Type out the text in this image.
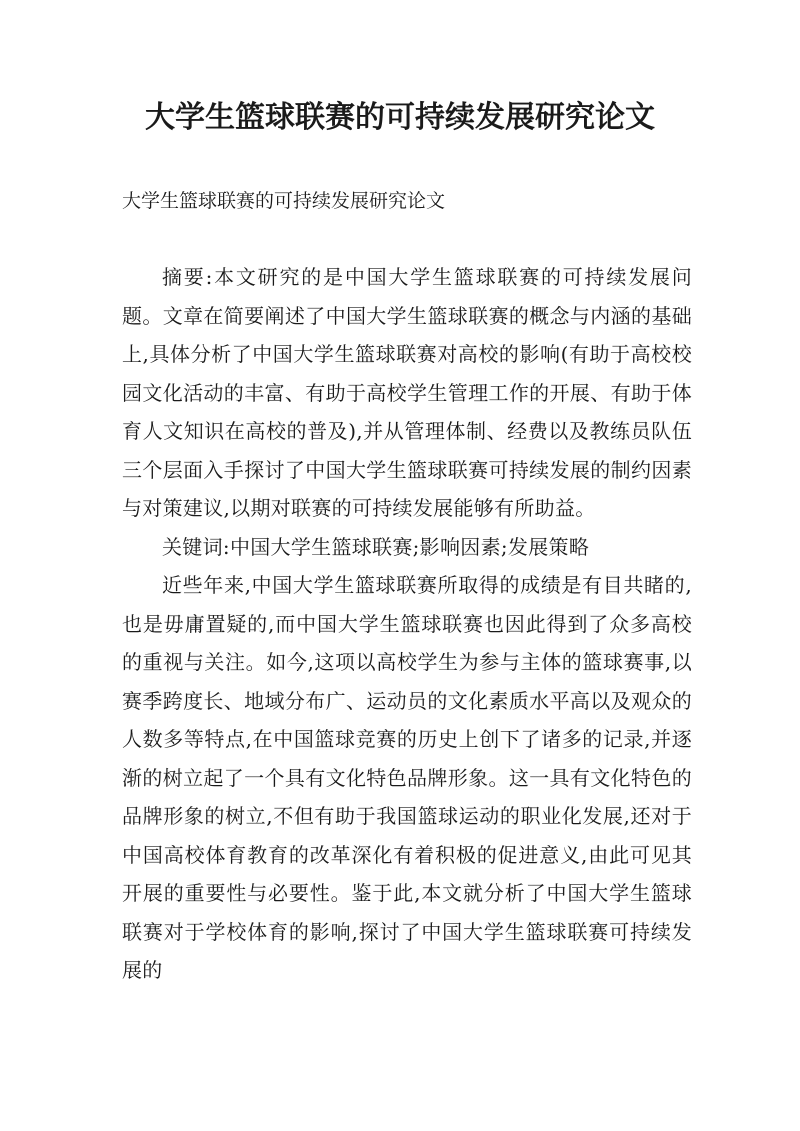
大学生篮球联赛的可持续发展研究论文

大学生篮球联赛的可持续发展研究论文

摘要:本文研究的是中国大学生篮球联赛的可持续发展问题。文章在简要阐述了中国大学生篮球联赛的概念与内涵的基础上,具体分析了中国大学生篮球联赛对高校的影响(有助于高校校园文化活动的丰富、有助于高校学生管理工作的开展、有助于体育人文知识在高校的普及),并从管理体制、经费以及教练员队伍三个层面入手探讨了中国大学生篮球联赛可持续发展的制约因素与对策建议,以期对联赛的可持续发展能够有所助益。

关键词:中国大学生篮球联赛;影响因素;发展策略

近些年来,中国大学生篮球联赛所取得的成绩是有目共睹的,也是毋庸置疑的,而中国大学生篮球联赛也因此得到了众多高校的重视与关注。如今,这项以高校学生为参与主体的篮球赛事,以赛季跨度长、地域分布广、运动员的文化素质水平高以及观众的人数多等特点,在中国篮球竞赛的历史上创下了诸多的记录,并逐渐的树立起了一个具有文化特色品牌形象。这一具有文化特色的品牌形象的树立,不但有助于我国篮球运动的职业化发展,还对于中国高校体育教育的改革深化有着积极的促进意义,由此可见其开展的重要性与必要性。鉴于此,本文就分析了中国大学生篮球联赛对于学校体育的影响,探讨了中国大学生篮球联赛可持续发展的
